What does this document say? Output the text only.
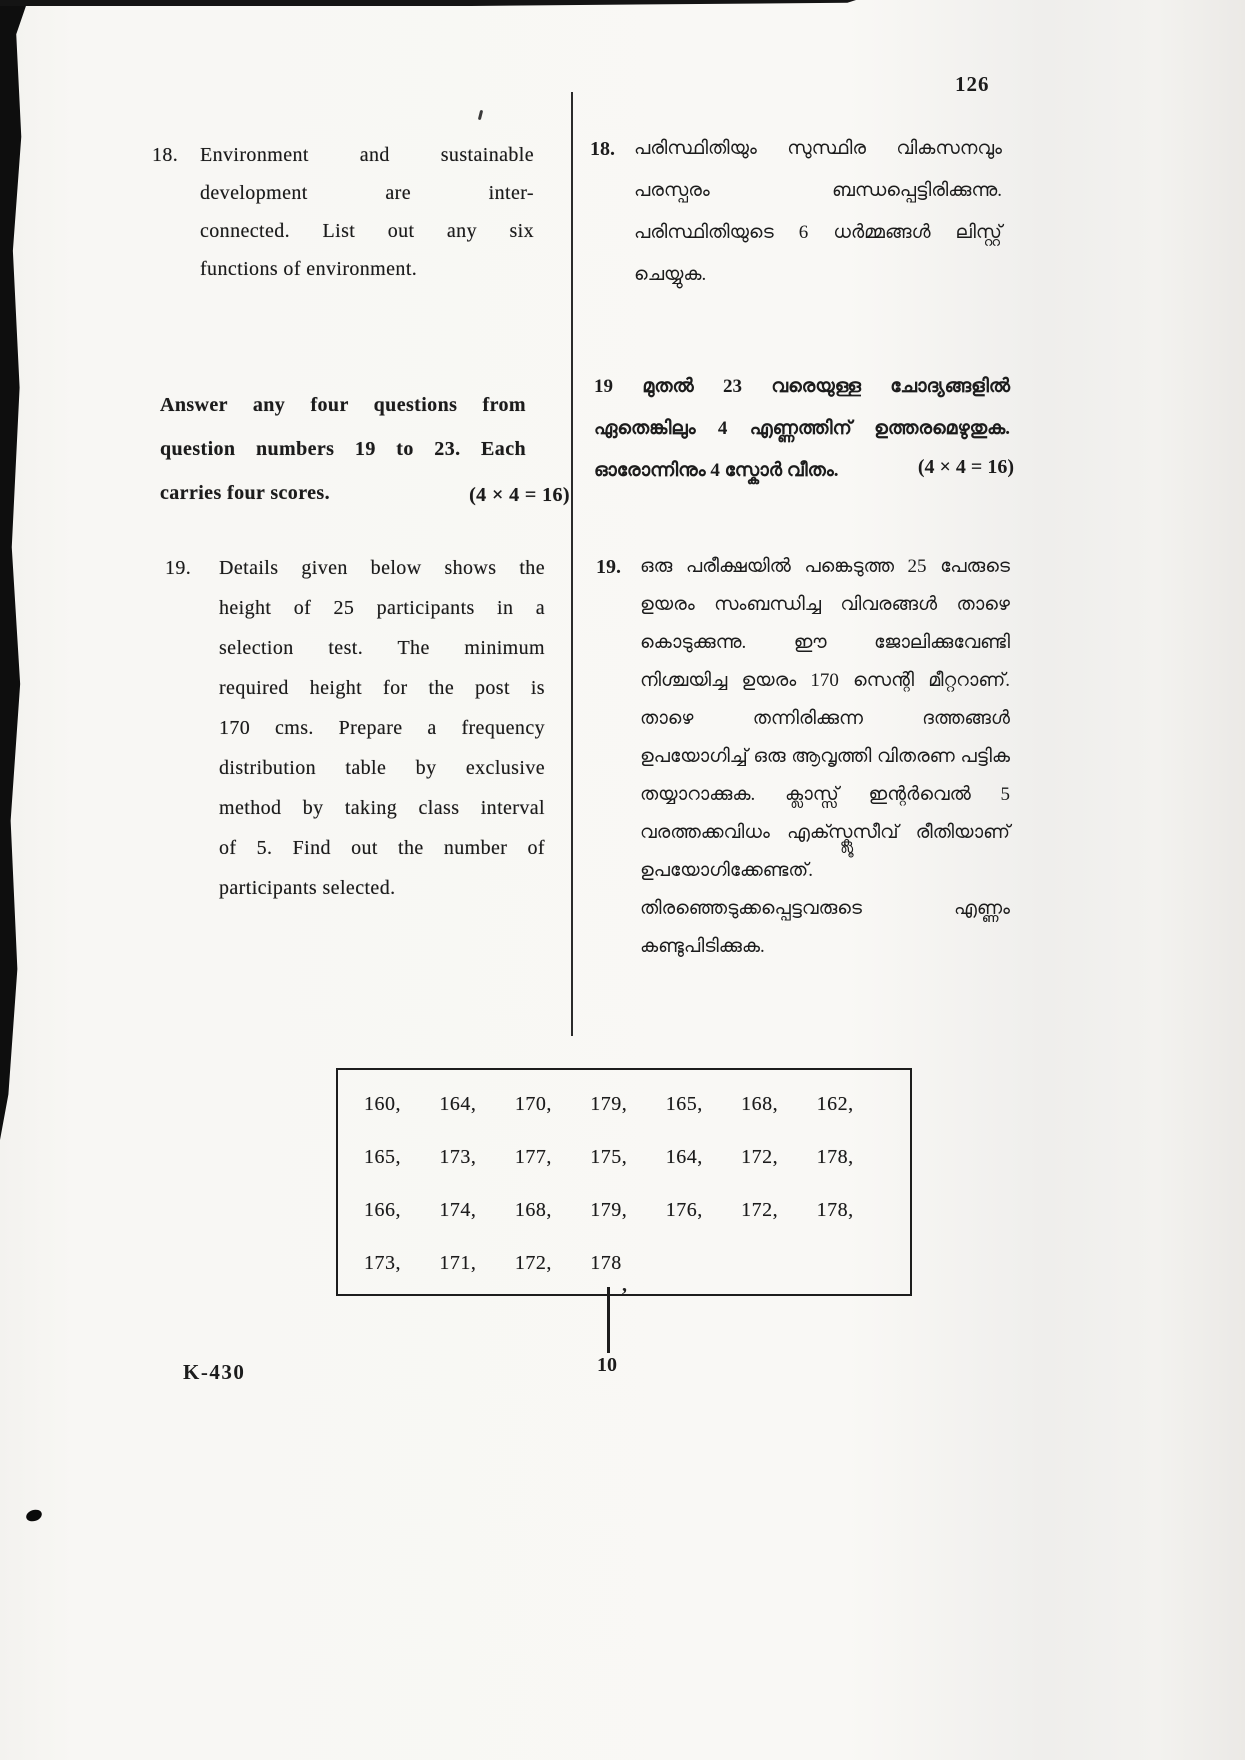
’
126
18.	Environment and sustainable
development are inter-
connected. List out any six
functions of environment.
Answer any four questions from
question numbers 19 to 23. Each
carries four scores.	(4 × 4 = 16)
19.	Details given below shows the
height of 25 participants in a
selection test. The minimum
required height for the post is
170 cms. Prepare a frequency
distribution table by exclusive
method by taking class interval
of 5. Find out the number of
participants selected.
18.	പരിസ്ഥിതിയും സുസ്ഥിര വികസനവും പരസ്പരം ബന്ധപ്പെട്ടിരിക്കുന്നു. പരിസ്ഥിതിയുടെ 6 ധർമ്മങ്ങൾ ലിസ്റ്റ് ചെയ്യുക.
19 മുതൽ 23 വരെയുള്ള ചോദ്യങ്ങളിൽ ഏതെങ്കിലും 4 എണ്ണത്തിന് ഉത്തരമെഴുതുക. ഓരോന്നിനും 4 സ്കോർ വീതം.	(4 × 4 = 16)
19.	ഒരു പരീക്ഷയിൽ പങ്കെടുത്ത 25 പേരുടെ ഉയരം സംബന്ധിച്ച വിവരങ്ങൾ താഴെ കൊടുക്കുന്നു. ഈ ജോലിക്കുവേണ്ടി നിശ്ചയിച്ച ഉയരം 170 സെന്റി മീറ്ററാണ്. താഴെ തന്നിരിക്കുന്ന ദത്തങ്ങൾ ഉപയോഗിച്ച് ഒരു ആവൃത്തി വിതരണ പട്ടിക തയ്യാറാക്കുക. ക്ലാസ്സ് ഇന്റർവെൽ 5 വരത്തക്കവിധം എക്സ്ക്ലൂസീവ് രീതിയാണ് ഉപയോഗിക്കേണ്ടത്. തിരഞ്ഞെടുക്കപ്പെട്ടവരുടെ എണ്ണം കണ്ടുപിടിക്കുക.
160,	164,	170,	179,	165,	168,	162,
165,	173,	177,	175,	164,	172,	178,
166,	174,	168,	179,	176,	172,	178,
173,	171,	172,	178
K-430	10
